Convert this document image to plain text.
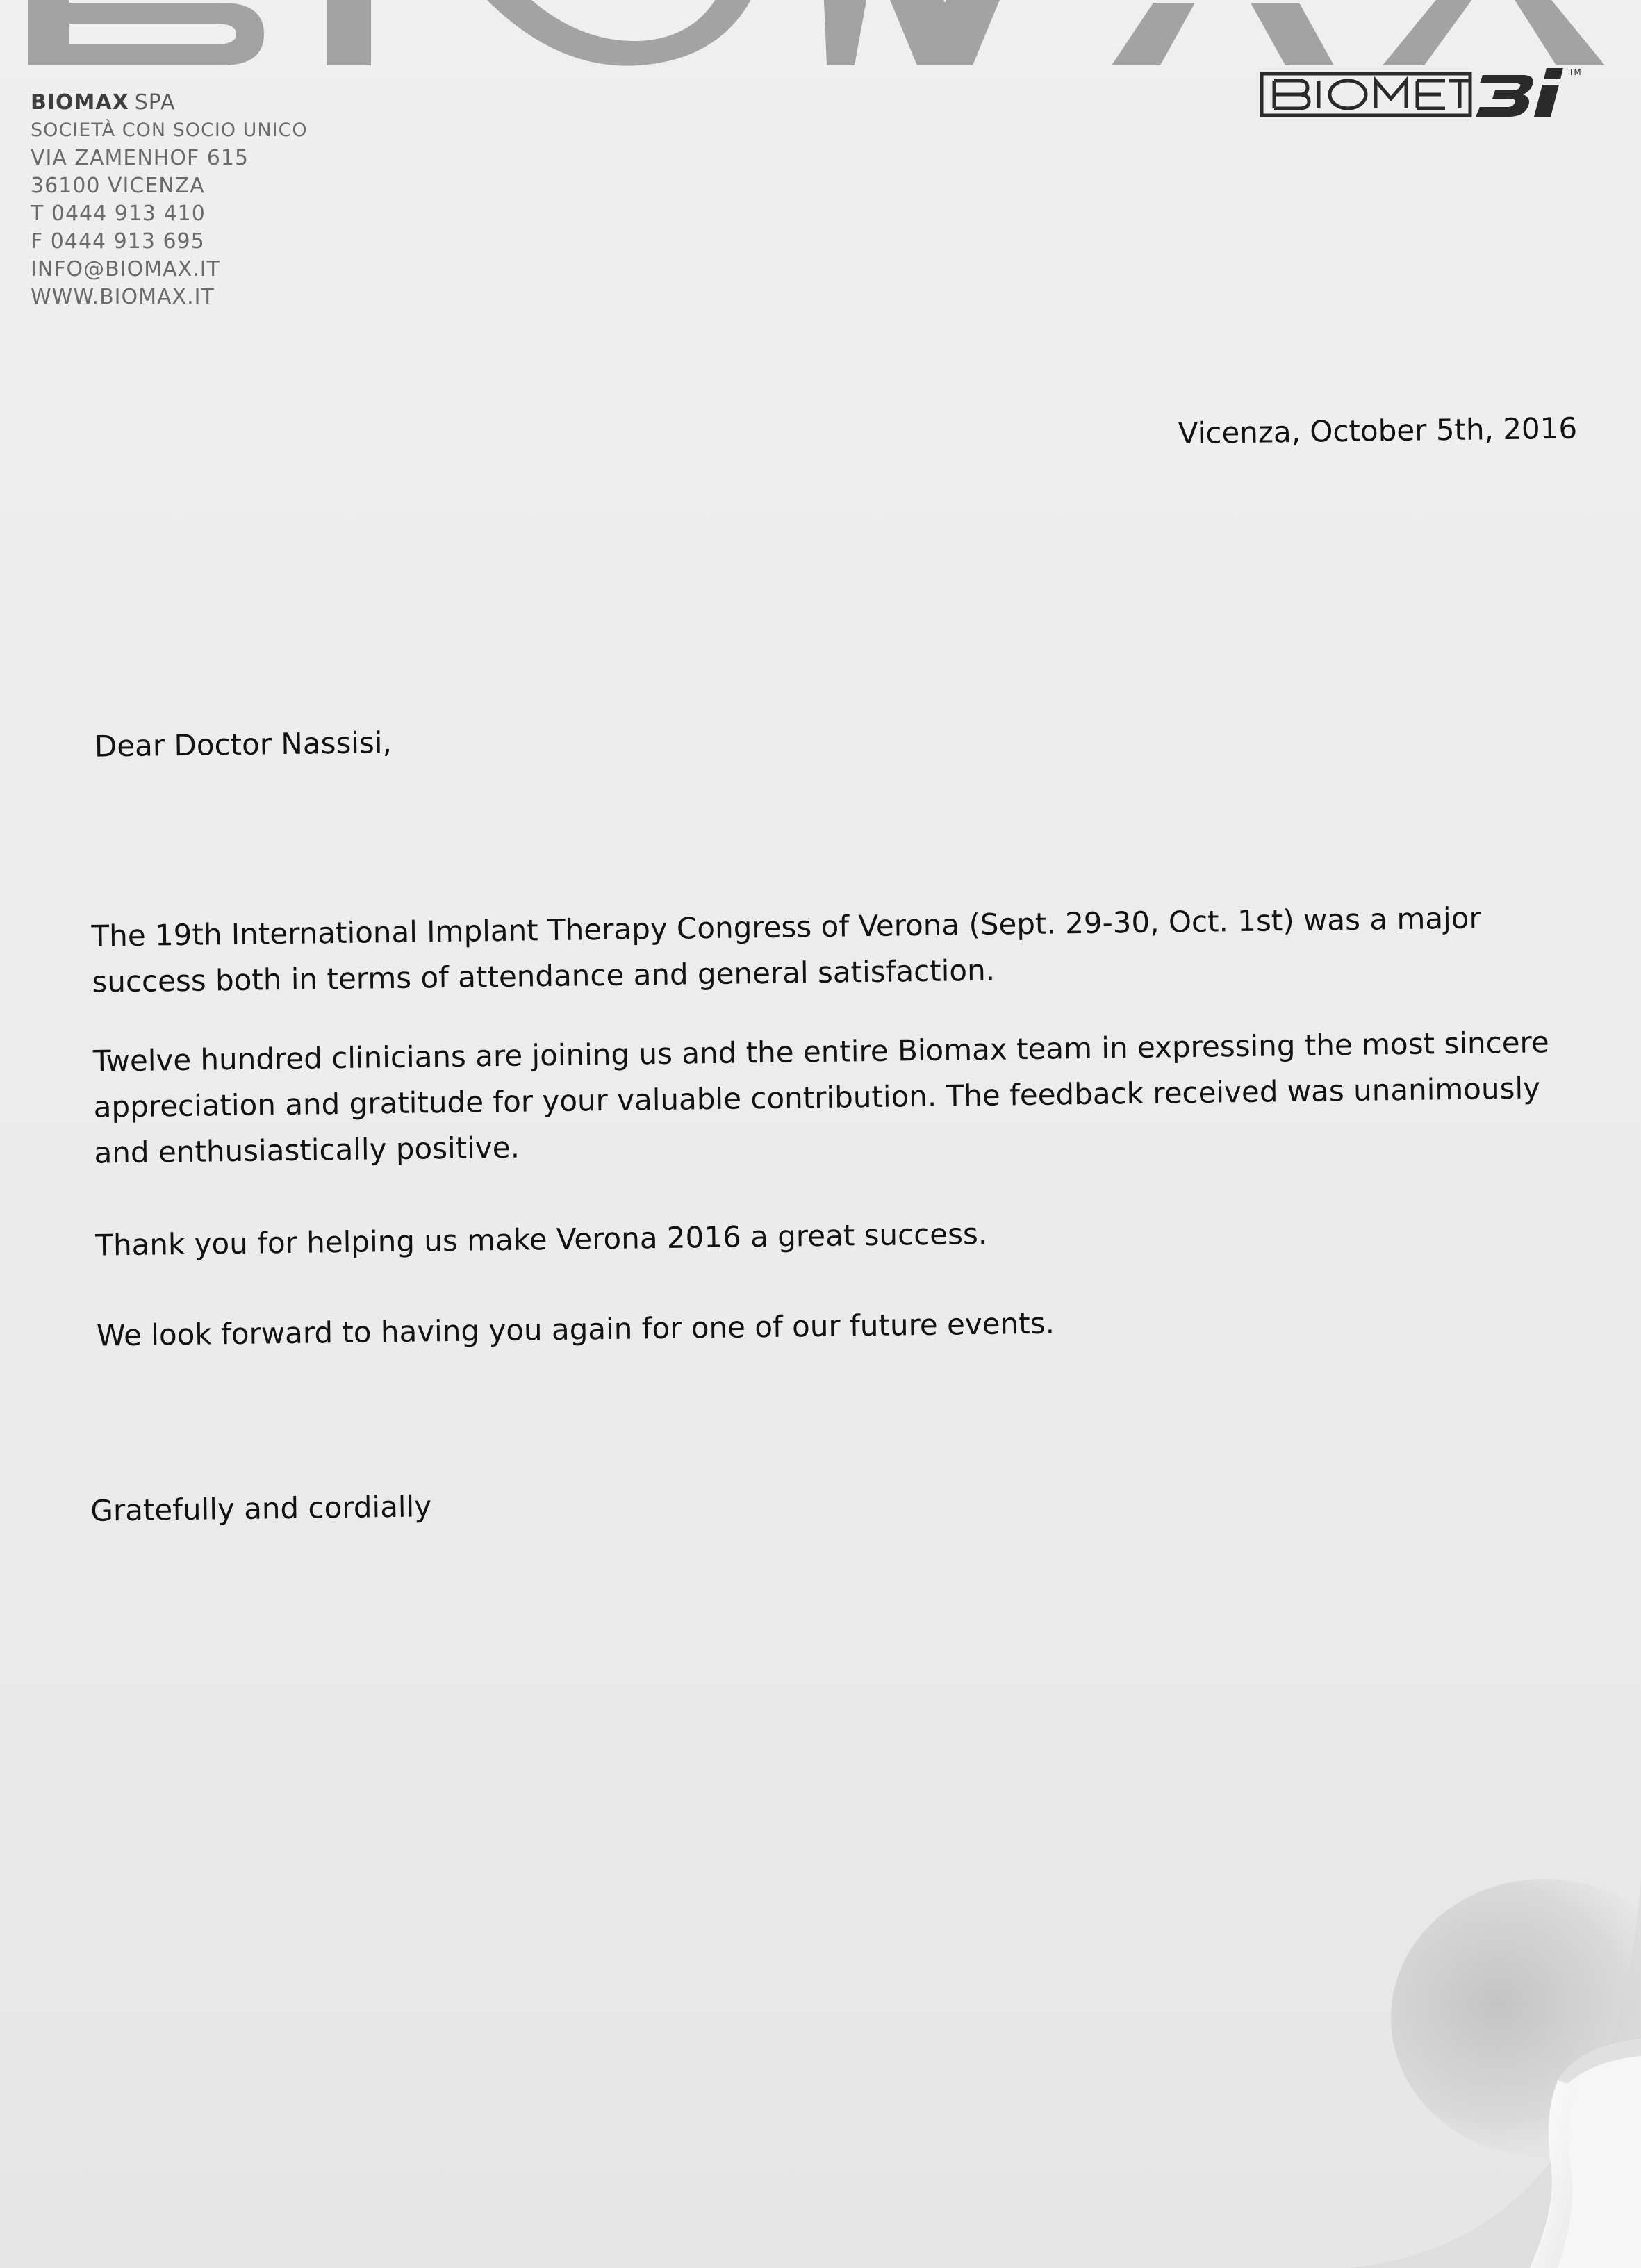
TM
BIOMAX SPA
SOCIETÀ CON SOCIO UNICO
VIA ZAMENHOF 615
36100 VICENZA
T 0444 913 410
F 0444 913 695
INFO@BIOMAX.IT
WWW.BIOMAX.IT
Vicenza, October 5th, 2016
Dear Doctor Nassisi,
The 19th International Implant Therapy Congress of Verona (Sept. 29-30, Oct. 1st) was a major success both in terms of attendance and general satisfaction.
Twelve hundred clinicians are joining us and the entire Biomax team in expressing the most sincere appreciation and gratitude for your valuable contribution. The feedback received was unanimously and enthusiastically positive.
Thank you for helping us make Verona 2016 a great success.
We look forward to having you again for one of our future events.
Gratefully and cordially
